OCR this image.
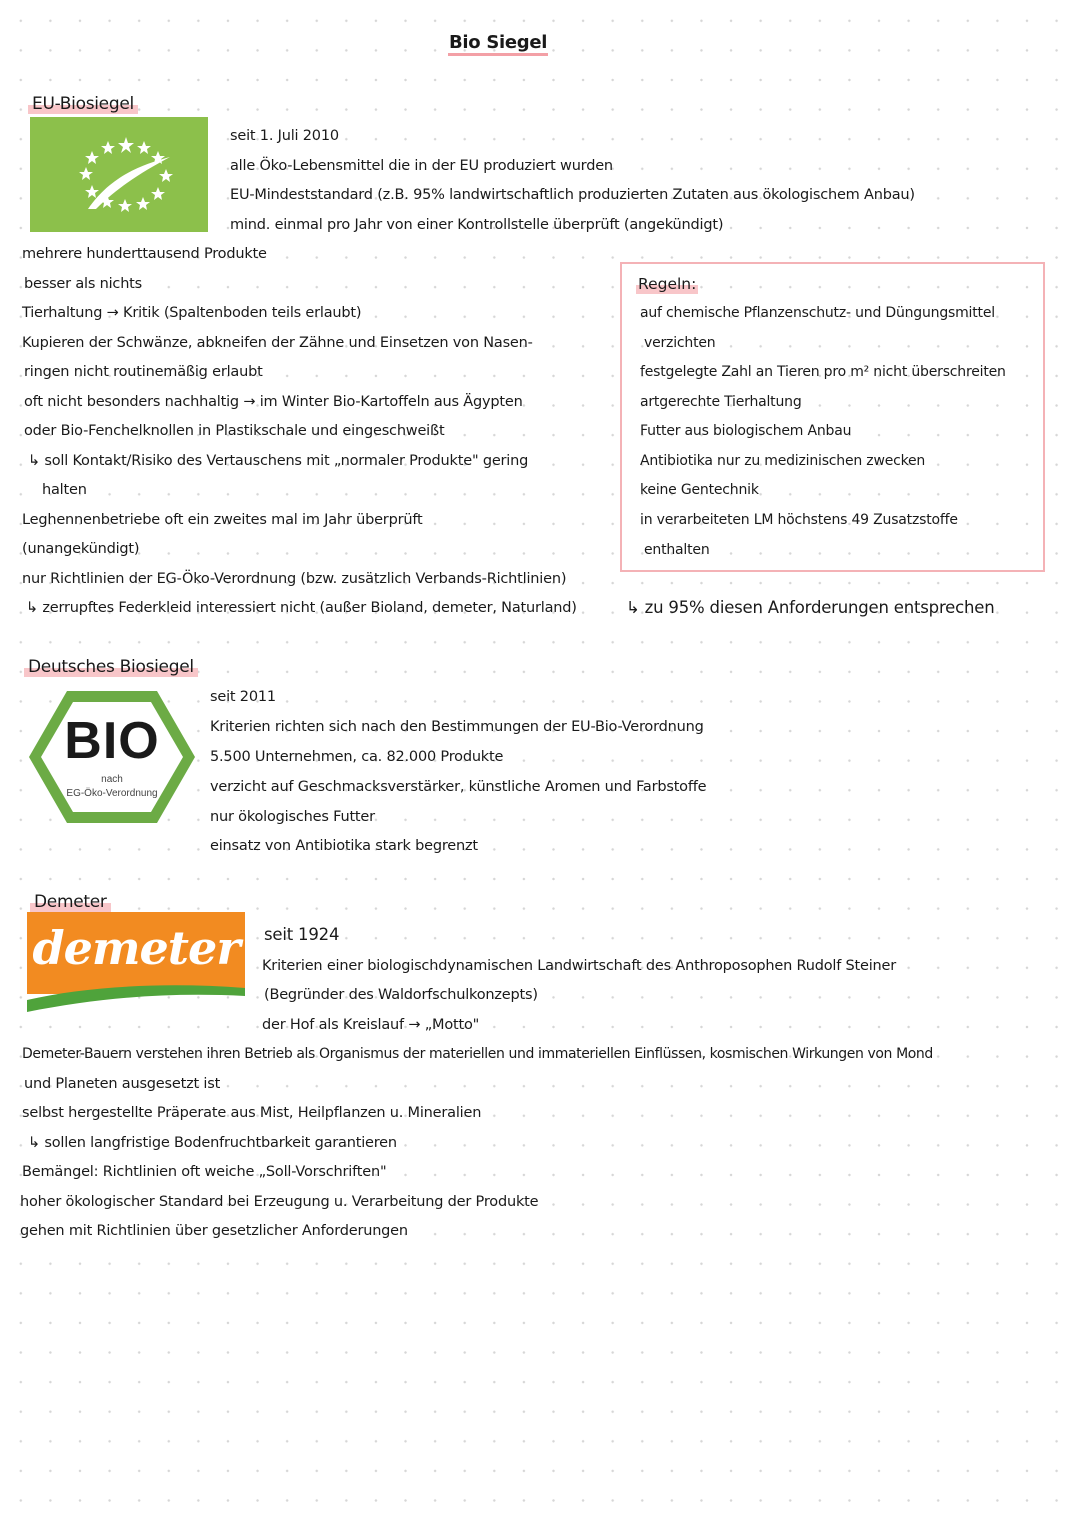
Bio Siegel
EU-Biosiegel
seit 1. Juli 2010
alle Öko-Lebensmittel die in der EU produziert wurden
EU-Mindeststandard (z.B. 95% landwirtschaftlich produzierten Zutaten aus ökologischem Anbau)
mind. einmal pro Jahr von einer Kontrollstelle überprüft (angekündigt)
mehrere hunderttausend Produkte
besser als nichts
Tierhaltung → Kritik (Spaltenboden teils erlaubt)
Kupieren der Schwänze, abkneifen der Zähne und Einsetzen von Nasen-
ringen nicht routinemäßig erlaubt
oft nicht besonders nachhaltig → im Winter Bio-Kartoffeln aus Ägypten
oder Bio-Fenchelknollen in Plastikschale und eingeschweißt
↳ soll Kontakt/Risiko des Vertauschens mit „normaler Produkte" gering
halten
Leghennenbetriebe oft ein zweites mal im Jahr überprüft
(unangekündigt)
nur Richtlinien der EG-Öko-Verordnung (bzw. zusätzlich Verbands-Richtlinien)
↳ zerrupftes Federkleid interessiert nicht (außer Bioland, demeter, Naturland)
Regeln:
auf chemische Pflanzenschutz- und Düngungsmittel
verzichten
festgelegte Zahl an Tieren pro m² nicht überschreiten
artgerechte Tierhaltung
Futter aus biologischem Anbau
Antibiotika nur zu medizinischen zwecken
keine Gentechnik
in verarbeiteten LM höchstens 49 Zusatzstoffe
enthalten
↳ zu 95% diesen Anforderungen entsprechen
Deutsches Biosiegel
BIO
nach
EG-Öko-Verordnung
seit 2011
Kriterien richten sich nach den Bestimmungen der EU-Bio-Verordnung
5.500 Unternehmen, ca. 82.000 Produkte
verzicht auf Geschmacksverstärker, künstliche Aromen und Farbstoffe
nur ökologisches Futter
einsatz von Antibiotika stark begrenzt
Demeter
demeter	seit 1924
Kriterien einer biologischdynamischen Landwirtschaft des Anthroposophen Rudolf Steiner
(Begründer des Waldorfschulkonzepts)
der Hof als Kreislauf → „Motto"
Demeter-Bauern verstehen ihren Betrieb als Organismus der materiellen und immateriellen Einflüssen, kosmischen Wirkungen von Mond
und Planeten ausgesetzt ist
selbst hergestellte Präperate aus Mist, Heilpflanzen u. Mineralien
↳ sollen langfristige Bodenfruchtbarkeit garantieren
Bemängel: Richtlinien oft weiche „Soll-Vorschriften"
hoher ökologischer Standard bei Erzeugung u. Verarbeitung der Produkte
gehen mit Richtlinien über gesetzlicher Anforderungen
